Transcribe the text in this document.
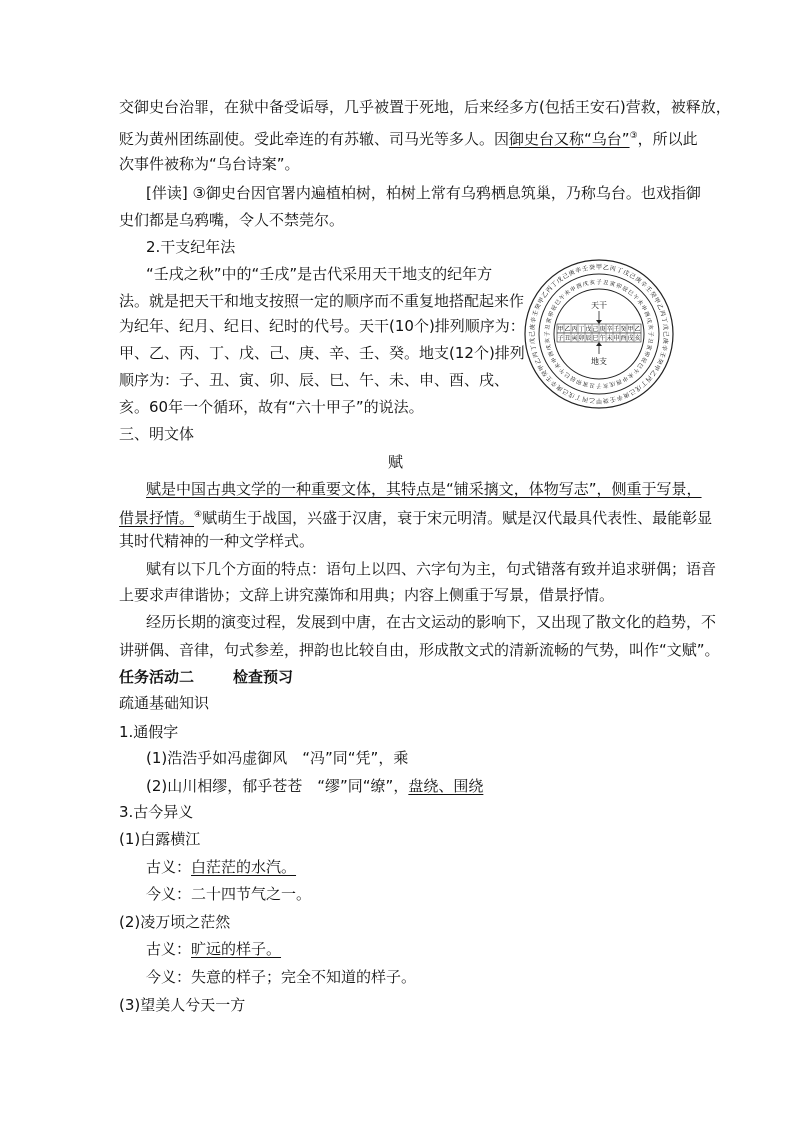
交御史台治罪，在狱中备受诟辱，几乎被置于死地，后来经多方(包括王安石)营救，被释放，
贬为黄州团练副使。受此牵连的有苏辙、司马光等多人。因御史台又称“乌台”③，所以此
次事件被称为“乌台诗案”。
[伴读] ③御史台因官署内遍植柏树，柏树上常有乌鸦栖息筑巢，乃称乌台。也戏指御
史们都是乌鸦嘴，令人不禁莞尔。
2.干支纪年法
“壬戌之秋”中的“壬戌”是古代采用天干地支的纪年方
法。就是把天干和地支按照一定的顺序而不重复地搭配起来作
为纪年、纪月、纪日、纪时的代号。天干(10个)排列顺序为：
甲、乙、丙、丁、戊、己、庚、辛、壬、癸。地支(12个)排列
顺序为：子、丑、寅、卯、辰、巳、午、未、申、酉、戌、
亥。60年一个循环，故有“六十甲子”的说法。
甲 乙 丙 丁
戊
己
庚
辛
壬
癸
甲
乙
丙
丁
戊
己
庚
辛
壬
癸
甲
乙
丙
丁
戊
己
庚
辛
壬
癸
甲
乙
丙
丁
戊
己
庚
辛
壬
癸
甲
乙
丙
丁
戊
己
庚
辛
壬
癸
甲
乙
丙
丁
戊
己
庚
辛 壬 癸
子 丑 寅 卯
辰
巳
午
未
申
酉
戌
亥
子
丑
寅
卯
辰
巳
午
未
申
酉
戌
亥
子
丑
寅
卯
辰
巳
午
未
申
酉
戌
亥
子
丑
寅
卯
辰
巳
午
未
申
酉 戌 亥
天干
甲 乙 丙 丁 戊 己 庚 辛 壬 癸 甲 乙
子 丑 寅 卯 辰 巳 午 未 申 酉 戌 亥
地支
三、明文体
赋
赋是中国古典文学的一种重要文体，其特点是“铺采摛文，体物写志”，侧重于写景，
借景抒情。④赋萌生于战国，兴盛于汉唐，衰于宋元明清。赋是汉代最具代表性、最能彰显
其时代精神的一种文学样式。
赋有以下几个方面的特点：语句上以四、六字句为主，句式错落有致并追求骈偶；语音
上要求声律谐协；文辞上讲究藻饰和用典；内容上侧重于写景，借景抒情。
经历长期的演变过程，发展到中唐，在古文运动的影响下，又出现了散文化的趋势，不
讲骈偶、音律，句式参差，押韵也比较自由，形成散文式的清新流畅的气势，叫作“文赋”。
任务活动二	检查预习
疏通基础知识
1.通假字
(1)浩浩乎如冯虚御风　“冯”同“凭”，乘
(2)山川相缪，郁乎苍苍　“缪”同“缭”，盘绕、围绕
3.古今异义
(1)白露横江
古义：白茫茫的水汽。
今义：二十四节气之一。
(2)凌万顷之茫然
古义：旷远的样子。
今义：失意的样子；完全不知道的样子。
(3)望美人兮天一方
